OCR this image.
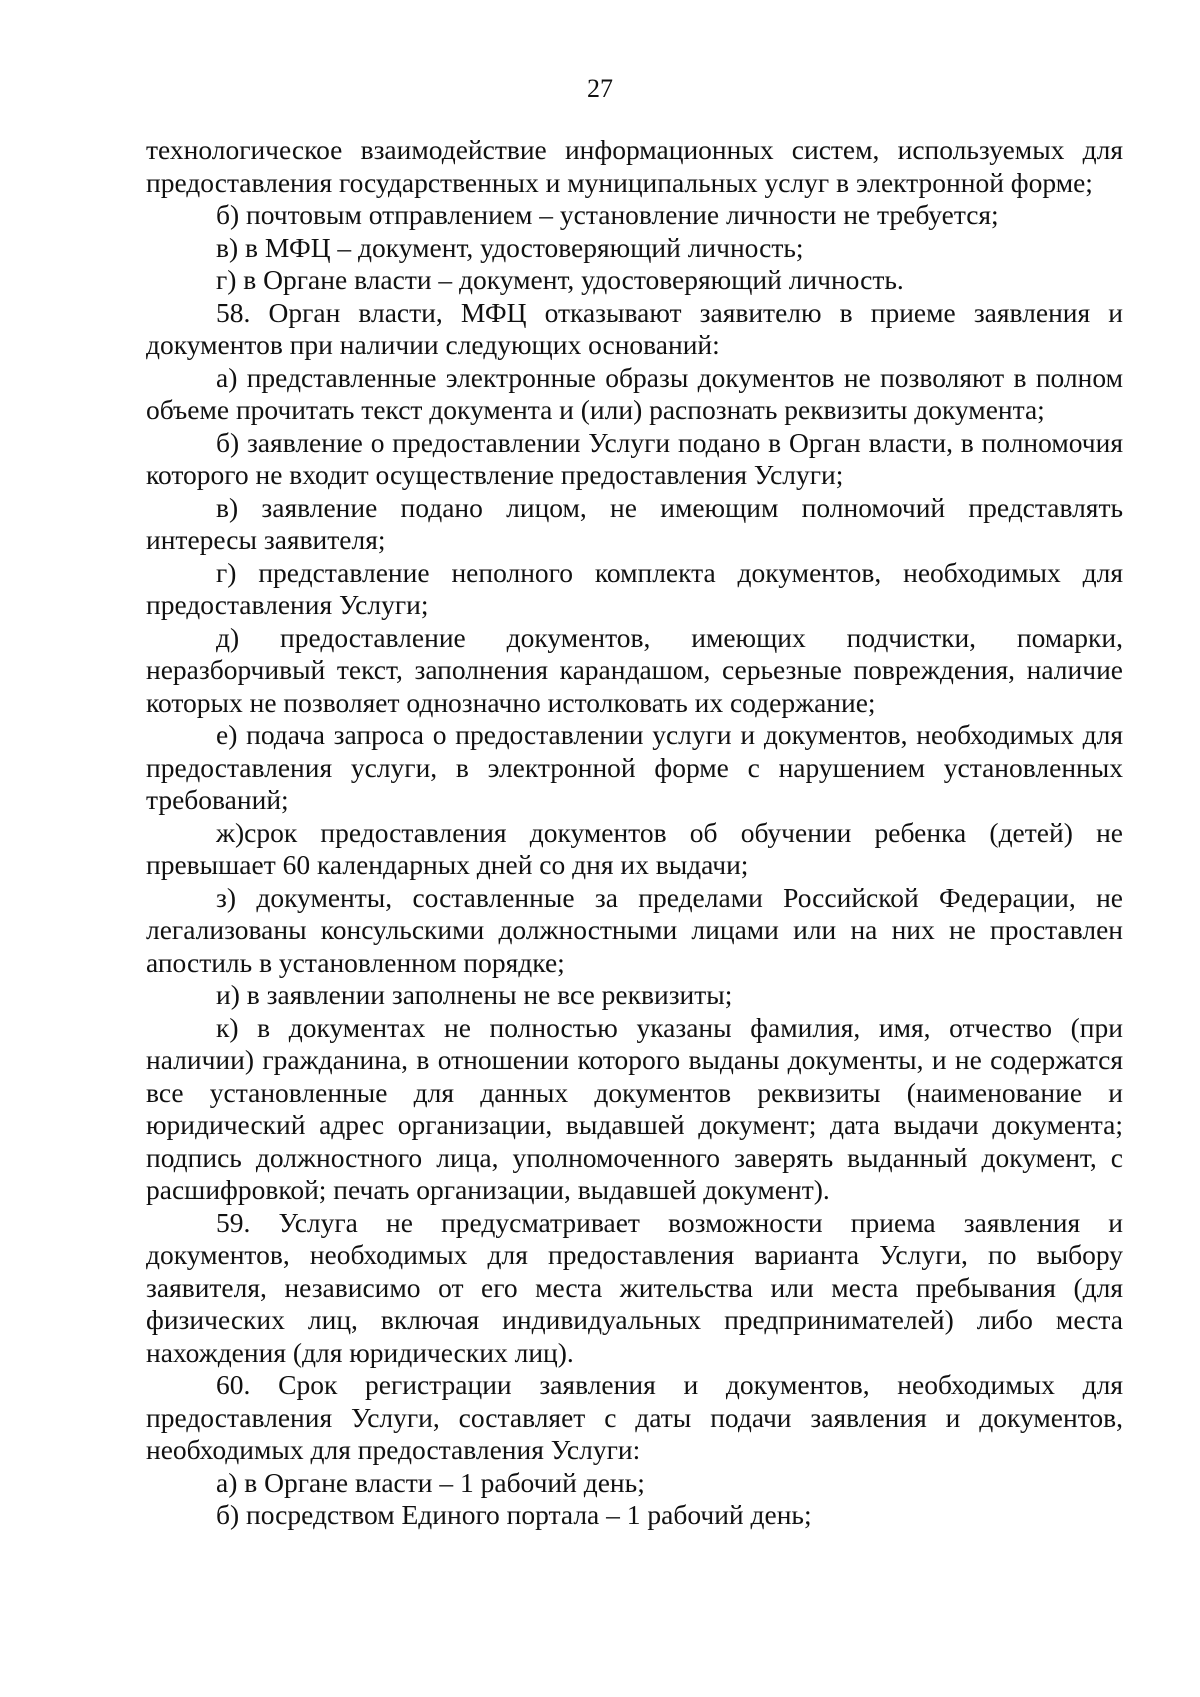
27

технологическое взаимодействие информационных систем, используемых для предоставления государственных и муниципальных услуг в электронной форме;

б) почтовым отправлением – установление личности не требуется;

в) в МФЦ – документ, удостоверяющий личность;

г) в Органе власти – документ, удостоверяющий личность.

58. Орган власти, МФЦ отказывают заявителю в приеме заявления и документов при наличии следующих оснований:

а) представленные электронные образы документов не позволяют в полном объеме прочитать текст документа и (или) распознать реквизиты документа;

б) заявление о предоставлении Услуги подано в Орган власти, в полномочия которого не входит осуществление предоставления Услуги;

в) заявление подано лицом, не имеющим полномочий представлять интересы заявителя;

г) представление неполного комплекта документов, необходимых для предоставления Услуги;

д) предоставление документов, имеющих подчистки, помарки, неразборчивый текст, заполнения карандашом, серьезные повреждения, наличие которых не позволяет однозначно истолковать их содержание;

е) подача запроса о предоставлении услуги и документов, необходимых для предоставления услуги, в электронной форме с нарушением установленных требований;

ж)срок предоставления документов об обучении ребенка (детей) не превышает 60 календарных дней со дня их выдачи;

з) документы, составленные за пределами Российской Федерации, не легализованы консульскими должностными лицами или на них не проставлен апостиль в установленном порядке;

и) в заявлении заполнены не все реквизиты;

к) в документах не полностью указаны фамилия, имя, отчество (при наличии) гражданина, в отношении которого выданы документы, и не содержатся все установленные для данных документов реквизиты (наименование и юридический адрес организации, выдавшей документ; дата выдачи документа; подпись должностного лица, уполномоченного заверять выданный документ, с расшифровкой; печать организации, выдавшей документ).

59. Услуга не предусматривает возможности приема заявления и документов, необходимых для предоставления варианта Услуги, по выбору заявителя, независимо от его места жительства или места пребывания (для физических лиц, включая индивидуальных предпринимателей) либо места нахождения (для юридических лиц).

60. Срок регистрации заявления и документов, необходимых для предоставления Услуги, составляет с даты подачи заявления и документов, необходимых для предоставления Услуги:

а) в Органе власти – 1 рабочий день;

б) посредством Единого портала – 1 рабочий день;
